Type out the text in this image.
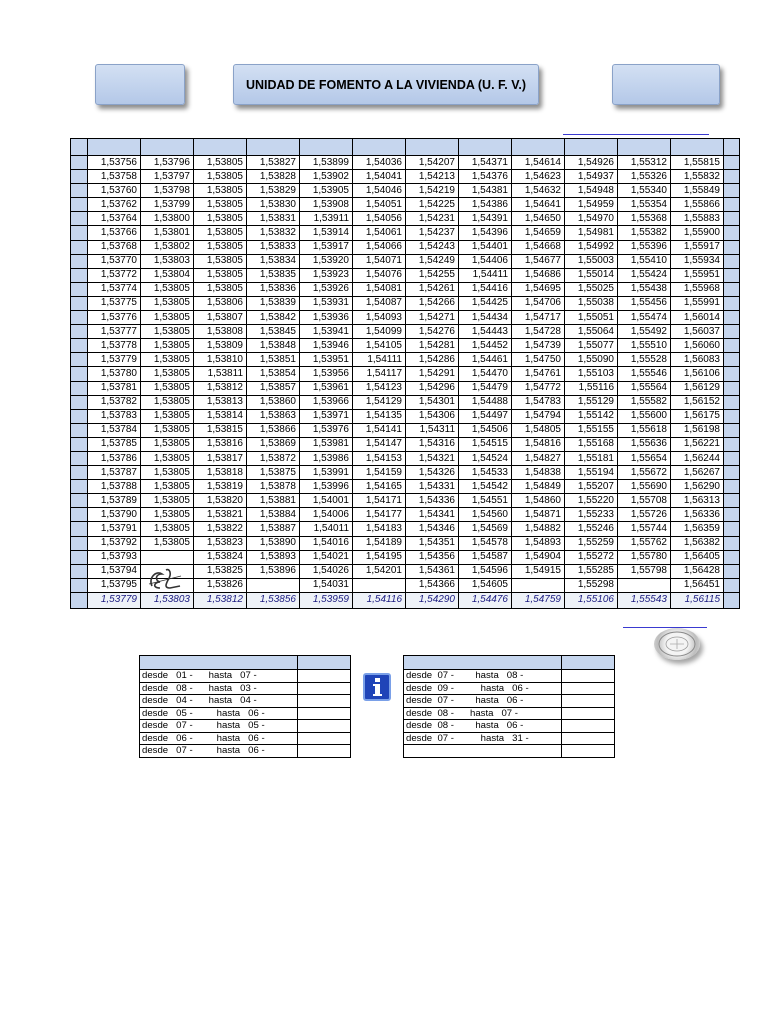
UNIDAD DE FOMENTO A LA VIVIENDA (U. F. V.)

	1,53756	1,53796	1,53805	1,53827	1,53899	1,54036	1,54207	1,54371	1,54614	1,54926	1,55312	1,55815	
	1,53758	1,53797	1,53805	1,53828	1,53902	1,54041	1,54213	1,54376	1,54623	1,54937	1,55326	1,55832	
	1,53760	1,53798	1,53805	1,53829	1,53905	1,54046	1,54219	1,54381	1,54632	1,54948	1,55340	1,55849	
	1,53762	1,53799	1,53805	1,53830	1,53908	1,54051	1,54225	1,54386	1,54641	1,54959	1,55354	1,55866	
	1,53764	1,53800	1,53805	1,53831	1,53911	1,54056	1,54231	1,54391	1,54650	1,54970	1,55368	1,55883	
	1,53766	1,53801	1,53805	1,53832	1,53914	1,54061	1,54237	1,54396	1,54659	1,54981	1,55382	1,55900	
	1,53768	1,53802	1,53805	1,53833	1,53917	1,54066	1,54243	1,54401	1,54668	1,54992	1,55396	1,55917	
	1,53770	1,53803	1,53805	1,53834	1,53920	1,54071	1,54249	1,54406	1,54677	1,55003	1,55410	1,55934	
	1,53772	1,53804	1,53805	1,53835	1,53923	1,54076	1,54255	1,54411	1,54686	1,55014	1,55424	1,55951	
	1,53774	1,53805	1,53805	1,53836	1,53926	1,54081	1,54261	1,54416	1,54695	1,55025	1,55438	1,55968	
	1,53775	1,53805	1,53806	1,53839	1,53931	1,54087	1,54266	1,54425	1,54706	1,55038	1,55456	1,55991	
	1,53776	1,53805	1,53807	1,53842	1,53936	1,54093	1,54271	1,54434	1,54717	1,55051	1,55474	1,56014	
	1,53777	1,53805	1,53808	1,53845	1,53941	1,54099	1,54276	1,54443	1,54728	1,55064	1,55492	1,56037	
	1,53778	1,53805	1,53809	1,53848	1,53946	1,54105	1,54281	1,54452	1,54739	1,55077	1,55510	1,56060	
	1,53779	1,53805	1,53810	1,53851	1,53951	1,54111	1,54286	1,54461	1,54750	1,55090	1,55528	1,56083	
	1,53780	1,53805	1,53811	1,53854	1,53956	1,54117	1,54291	1,54470	1,54761	1,55103	1,55546	1,56106	
	1,53781	1,53805	1,53812	1,53857	1,53961	1,54123	1,54296	1,54479	1,54772	1,55116	1,55564	1,56129	
	1,53782	1,53805	1,53813	1,53860	1,53966	1,54129	1,54301	1,54488	1,54783	1,55129	1,55582	1,56152	
	1,53783	1,53805	1,53814	1,53863	1,53971	1,54135	1,54306	1,54497	1,54794	1,55142	1,55600	1,56175	
	1,53784	1,53805	1,53815	1,53866	1,53976	1,54141	1,54311	1,54506	1,54805	1,55155	1,55618	1,56198	
	1,53785	1,53805	1,53816	1,53869	1,53981	1,54147	1,54316	1,54515	1,54816	1,55168	1,55636	1,56221	
	1,53786	1,53805	1,53817	1,53872	1,53986	1,54153	1,54321	1,54524	1,54827	1,55181	1,55654	1,56244	
	1,53787	1,53805	1,53818	1,53875	1,53991	1,54159	1,54326	1,54533	1,54838	1,55194	1,55672	1,56267	
	1,53788	1,53805	1,53819	1,53878	1,53996	1,54165	1,54331	1,54542	1,54849	1,55207	1,55690	1,56290	
	1,53789	1,53805	1,53820	1,53881	1,54001	1,54171	1,54336	1,54551	1,54860	1,55220	1,55708	1,56313	
	1,53790	1,53805	1,53821	1,53884	1,54006	1,54177	1,54341	1,54560	1,54871	1,55233	1,55726	1,56336	
	1,53791	1,53805	1,53822	1,53887	1,54011	1,54183	1,54346	1,54569	1,54882	1,55246	1,55744	1,56359	
	1,53792	1,53805	1,53823	1,53890	1,54016	1,54189	1,54351	1,54578	1,54893	1,55259	1,55762	1,56382	
	1,53793		1,53824	1,53893	1,54021	1,54195	1,54356	1,54587	1,54904	1,55272	1,55780	1,56405	
	1,53794		1,53825	1,53896	1,54026	1,54201	1,54361	1,54596	1,54915	1,55285	1,55798	1,56428	
	1,53795		1,53826		1,54031		1,54366	1,54605		1,55298		1,56451	
	1,53779	1,53803	1,53812	1,53856	1,53959	1,54116	1,54290	1,54476	1,54759	1,55106	1,55543	1,56115	

desde   01 -      hasta   07 -	
desde   08 -      hasta   03 -	
desde   04 -      hasta   04 -	
desde   05 -         hasta   06 -	
desde   07 -         hasta   05 -	
desde   06 -         hasta   06 -	
desde   07 -         hasta   06 -	

desde  07 -        hasta   08 -	
desde  09 -          hasta   06 -	
desde  07 -        hasta   06 -	
desde  08 -      hasta   07 -	
desde  08 -        hasta   06 -	
desde  07 -          hasta   31 -	
